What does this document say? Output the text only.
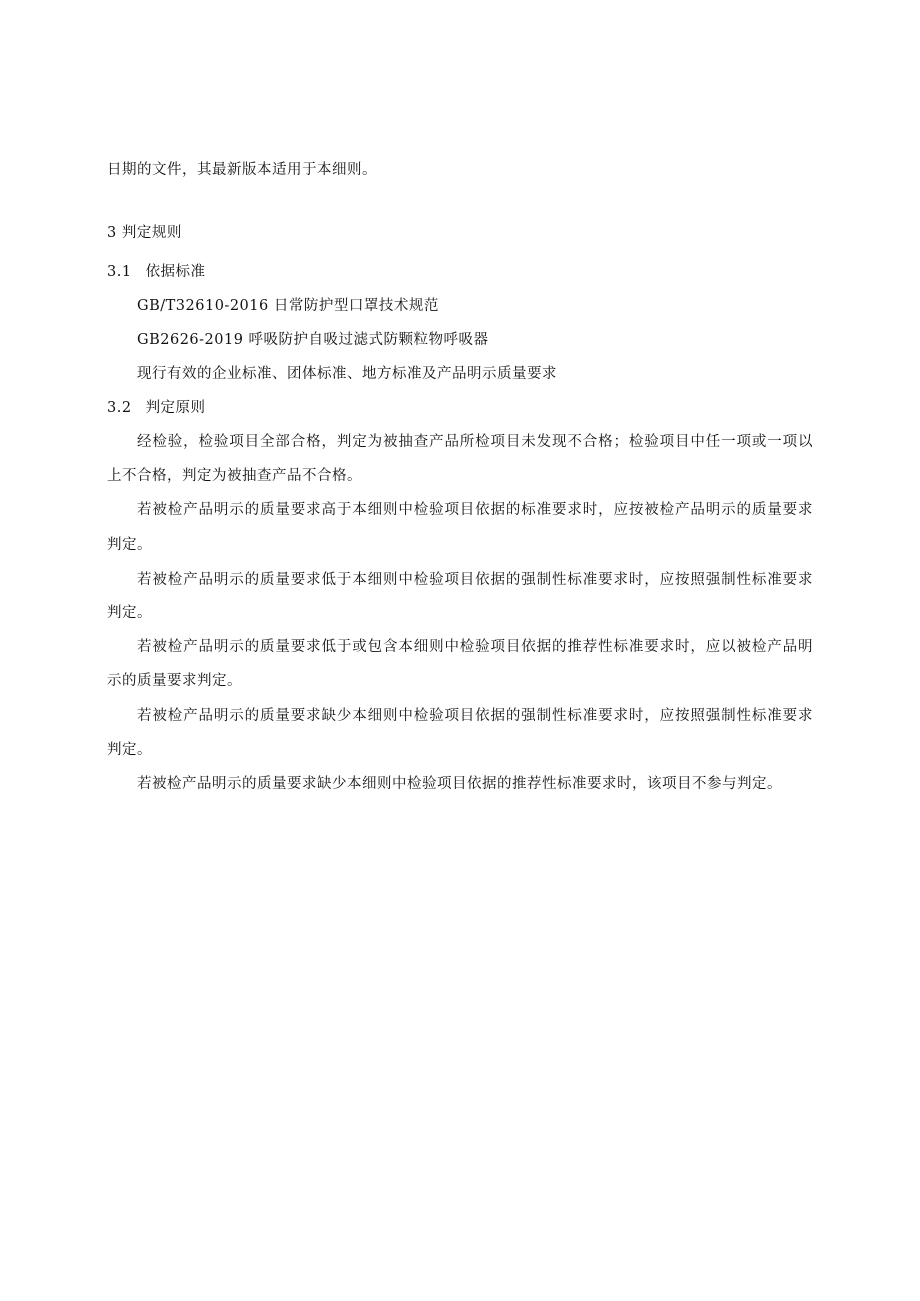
日期的文件，其最新版本适用于本细则。
3 判定规则
3.1 依据标准
GB/T32610-2016 日常防护型口罩技术规范
GB2626-2019 呼吸防护自吸过滤式防颗粒物呼吸器
现行有效的企业标准、团体标准、地方标准及产品明示质量要求
3.2 判定原则
经检验，检验项目全部合格，判定为被抽查产品所检项目未发现不合格；检验项目中任一项或一项以
上不合格，判定为被抽查产品不合格。
若被检产品明示的质量要求高于本细则中检验项目依据的标准要求时，应按被检产品明示的质量要求
判定。
若被检产品明示的质量要求低于本细则中检验项目依据的强制性标准要求时，应按照强制性标准要求
判定。
若被检产品明示的质量要求低于或包含本细则中检验项目依据的推荐性标准要求时，应以被检产品明
示的质量要求判定。
若被检产品明示的质量要求缺少本细则中检验项目依据的强制性标准要求时，应按照强制性标准要求
判定。
若被检产品明示的质量要求缺少本细则中检验项目依据的推荐性标准要求时，该项目不参与判定。
